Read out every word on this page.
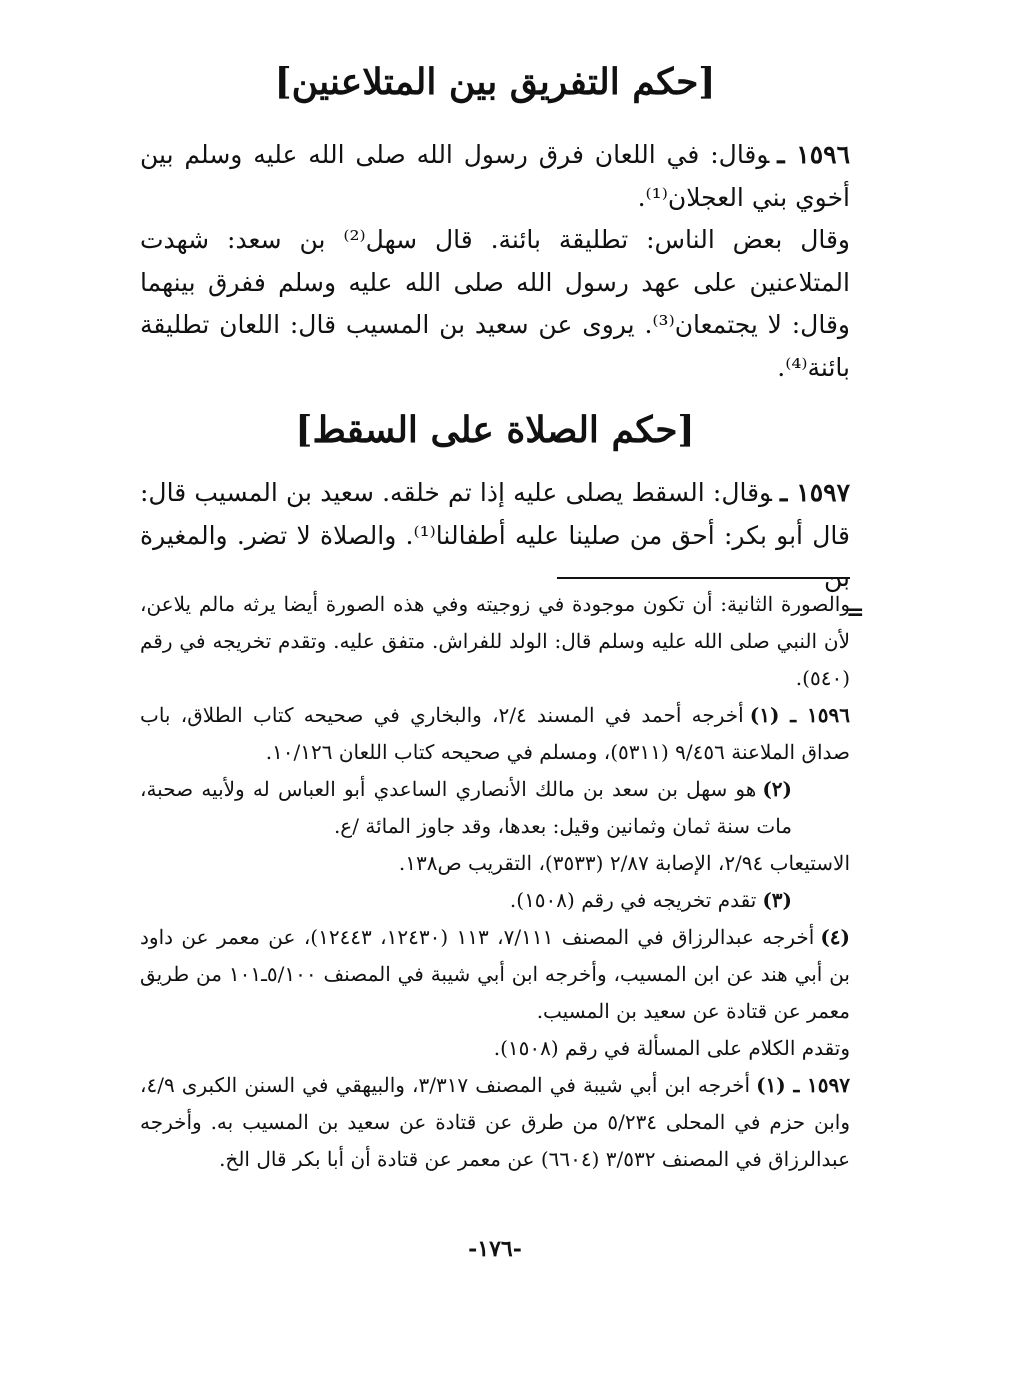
[حكم التفريق بين المتلاعنين]
١٥٩٦ ـوقال: في اللعان فرق رسول الله صلى الله عليه وسلم بين أخوي بني العجلان⁽¹⁾.
وقال بعض الناس: تطليقة بائنة. قال سهل⁽²⁾ بن سعد: شهدت المتلاعنين على عهد رسول الله صلى الله عليه وسلم ففرق بينهما وقال: لا يجتمعان⁽³⁾. يروى عن سعيد بن المسيب قال: اللعان تطليقة بائنة⁽⁴⁾.
[حكم الصلاة على السقط]
١٥٩٧ ـوقال: السقط يصلى عليه إذا تم خلقه. سعيد بن المسيب قال: قال أبو بكر: أحق من صلينا عليه أطفالنا⁽¹⁾. والصلاة لا تضر. والمغيرة بن

والصورة الثانية: أن تكون موجودة في زوجيته وفي هذه الصورة أيضا يرثه مالم يلاعن، لأن النبي صلى الله عليه وسلم قال: الولد للفراش. متفق عليه. وتقدم تخريجه في رقم (٥٤٠).

١٥٩٦ ـ (١)أخرجه أحمد في المسند ٢/٤، والبخاري في صحيحه كتاب الطلاق، باب صداق الملاعنة ٩/٤٥٦ (٥٣١١)، ومسلم في صحيحه كتاب اللعان ١٠/١٢٦.

(٢)هو سهل بن سعد بن مالك الأنصاري الساعدي أبو العباس له ولأبيه صحبة، مات سنة ثمان وثمانين وقيل: بعدها، وقد جاوز المائة /ع.

الاستيعاب ٢/٩٤، الإصابة ٢/٨٧ (٣٥٣٣)، التقريب ص١٣٨.

(٣)تقدم تخريجه في رقم (١٥٠٨).

(٤)أخرجه عبدالرزاق في المصنف ٧/١١١، ١١٣ (١٢٤٣٠، ١٢٤٤٣)، عن معمر عن داود بن أبي هند عن ابن المسيب، وأخرجه ابن أبي شيبة في المصنف ٥/١٠٠ـ١٠١ من طريق معمر عن قتادة عن سعيد بن المسيب.

وتقدم الكلام على المسألة في رقم (١٥٠٨).

١٥٩٧ ـ (١)أخرجه ابن أبي شيبة في المصنف ٣/٣١٧، والبيهقي في السنن الكبرى ٤/٩، وابن حزم في المحلى ٥/٢٣٤ من طرق عن قتادة عن سعيد بن المسيب به. وأخرجه عبدالرزاق في المصنف ٣/٥٣٢ (٦٦٠٤) عن معمر عن قتادة أن أبا بكر قال الخ.

-١٧٦-
=
